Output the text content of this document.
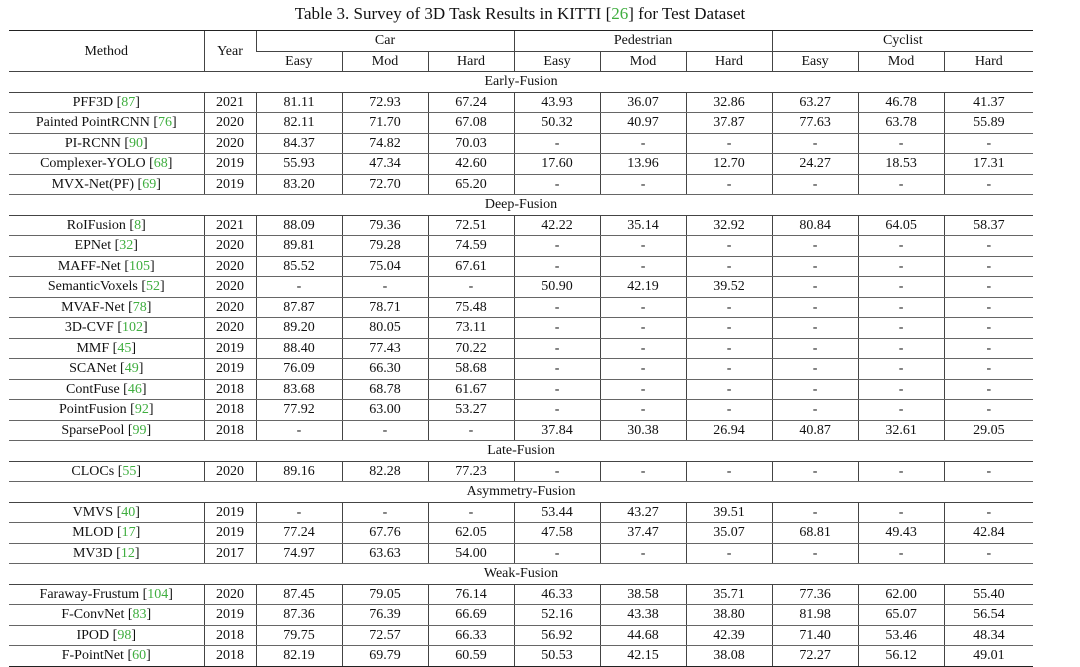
Table 3. Survey of 3D Task Results in KITTI [26] for Test Dataset
Method	Year	Car			Pedestrian			Cyclist		
		Easy	Mod	Hard	Easy	Mod	Hard	Easy	Mod	Hard
Early-Fusion										
PFF3D [87]	2021	81.11	72.93	67.24	43.93	36.07	32.86	63.27	46.78	41.37
Painted PointRCNN [76]	2020	82.11	71.70	67.08	50.32	40.97	37.87	77.63	63.78	55.89
PI-RCNN [90]	2020	84.37	74.82	70.03	-	-	-	-	-	-
Complexer-YOLO [68]	2019	55.93	47.34	42.60	17.60	13.96	12.70	24.27	18.53	17.31
MVX-Net(PF) [69]	2019	83.20	72.70	65.20	-	-	-	-	-	-
Deep-Fusion										
RoIFusion [8]	2021	88.09	79.36	72.51	42.22	35.14	32.92	80.84	64.05	58.37
EPNet [32]	2020	89.81	79.28	74.59	-	-	-	-	-	-
MAFF-Net [105]	2020	85.52	75.04	67.61	-	-	-	-	-	-
SemanticVoxels [52]	2020	-	-	-	50.90	42.19	39.52	-	-	-
MVAF-Net [78]	2020	87.87	78.71	75.48	-	-	-	-	-	-
3D-CVF [102]	2020	89.20	80.05	73.11	-	-	-	-	-	-
MMF [45]	2019	88.40	77.43	70.22	-	-	-	-	-	-
SCANet [49]	2019	76.09	66.30	58.68	-	-	-	-	-	-
ContFuse [46]	2018	83.68	68.78	61.67	-	-	-	-	-	-
PointFusion [92]	2018	77.92	63.00	53.27	-	-	-	-	-	-
SparsePool [99]	2018	-	-	-	37.84	30.38	26.94	40.87	32.61	29.05
Late-Fusion										
CLOCs [55]	2020	89.16	82.28	77.23	-	-	-	-	-	-
Asymmetry-Fusion										
VMVS [40]	2019	-	-	-	53.44	43.27	39.51	-	-	-
MLOD [17]	2019	77.24	67.76	62.05	47.58	37.47	35.07	68.81	49.43	42.84
MV3D [12]	2017	74.97	63.63	54.00	-	-	-	-	-	-
Weak-Fusion										
Faraway-Frustum [104]	2020	87.45	79.05	76.14	46.33	38.58	35.71	77.36	62.00	55.40
F-ConvNet [83]	2019	87.36	76.39	66.69	52.16	43.38	38.80	81.98	65.07	56.54
IPOD [98]	2018	79.75	72.57	66.33	56.92	44.68	42.39	71.40	53.46	48.34
F-PointNet [60]	2018	82.19	69.79	60.59	50.53	42.15	38.08	72.27	56.12	49.01
